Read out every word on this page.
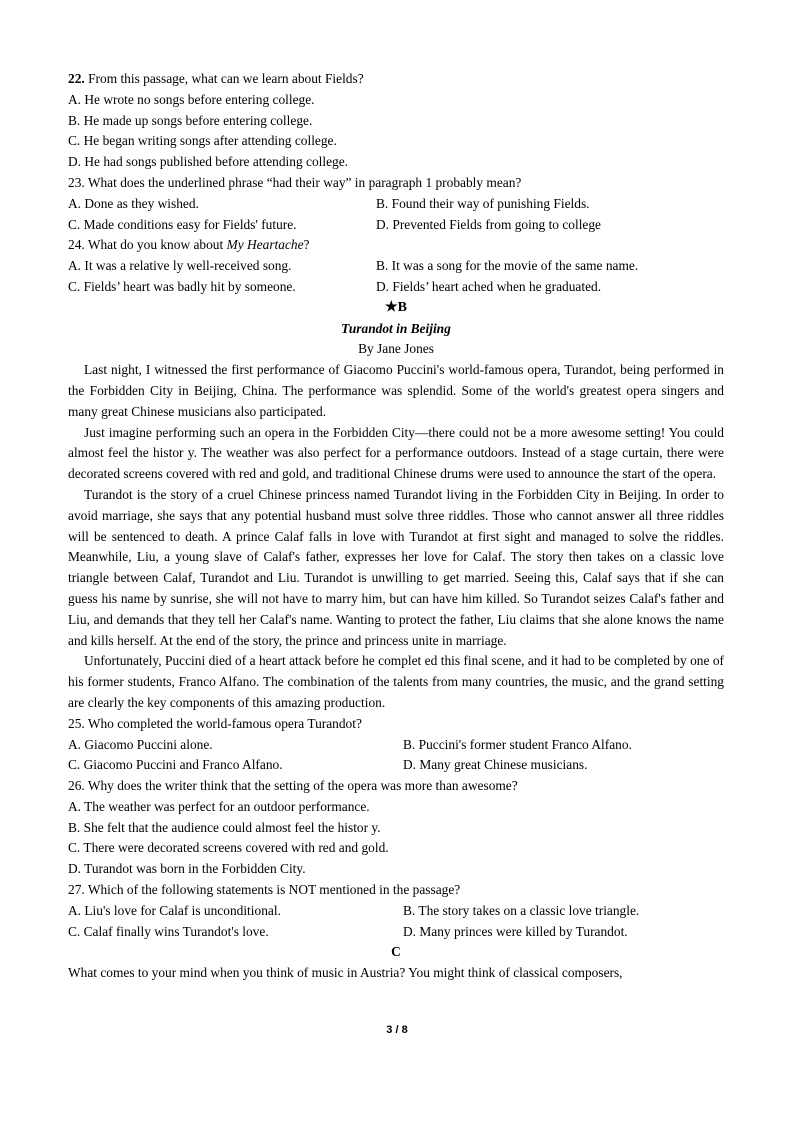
22. From this passage, what can we learn about Fields?
A. He wrote no songs before entering college.
B. He made up songs before entering college.
C. He began writing songs after attending college.
D. He had songs published before attending college.
23. What does the underlined phrase “had their way” in paragraph 1 probably mean?
A. Done as they wished.	B. Found their way of punishing Fields.
C. Made conditions easy for Fields' future.	D. Prevented Fields from going to college
24. What do you know about My Heartache?
A. It was a relative ly well-received song.	B. It was a song for the movie of the same name.
C. Fields’ heart was badly hit by someone.	D. Fields’ heart ached when he graduated.
★B
Turandot in Beijing
By Jane Jones

Last night, I witnessed the first performance of Giacomo Puccini's world-famous opera, Turandot, being performed in the Forbidden City in Beijing, China. The performance was splendid. Some of the world's greatest opera singers and many great Chinese musicians also participated.

Just imagine performing such an opera in the Forbidden City—there could not be a more awesome setting! You could almost feel the histor y. The weather was also perfect for a performance outdoors. Instead of a stage curtain, there were decorated screens covered with red and gold, and traditional Chinese drums were used to announce the start of the opera.

Turandot is the story of a cruel Chinese princess named Turandot living in the Forbidden City in Beijing. In order to avoid marriage, she says that any potential husband must solve three riddles. Those who cannot answer all three riddles will be sentenced to death. A prince Calaf falls in love with Turandot at first sight and managed to solve the riddles. Meanwhile, Liu, a young slave of Calaf's father, expresses her love for Calaf. The story then takes on a classic love triangle between Calaf, Turandot and Liu. Turandot is unwilling to get married. Seeing this, Calaf says that if she can guess his name by sunrise, she will not have to marry him, but can have him killed. So Turandot seizes Calaf's father and Liu, and demands that they tell her Calaf's name. Wanting to protect the father, Liu claims that she alone knows the name and kills herself. At the end of the story, the prince and princess unite in marriage.

Unfortunately, Puccini died of a heart attack before he complet ed this final scene, and it had to be completed by one of his former students, Franco Alfano. The combination of the talents from many countries, the music, and the grand setting are clearly the key components of this amazing production.

25. Who completed the world-famous opera Turandot?
A. Giacomo Puccini alone.	B. Puccini's former student Franco Alfano.
C. Giacomo Puccini and Franco Alfano.	D. Many great Chinese musicians.
26. Why does the writer think that the setting of the opera was more than awesome?
A. The weather was perfect for an outdoor performance.
B. She felt that the audience could almost feel the histor y.
C. There were decorated screens covered with red and gold.
D. Turandot was born in the Forbidden City.
27. Which of the following statements is NOT mentioned in the passage?
A. Liu's love for Calaf is unconditional.	B. The story takes on a classic love triangle.
C. Calaf finally wins Turandot's love.	D. Many princes were killed by Turandot.
C
What comes to your mind when you think of music in Austria? You might think of classical composers,
3 / 8
